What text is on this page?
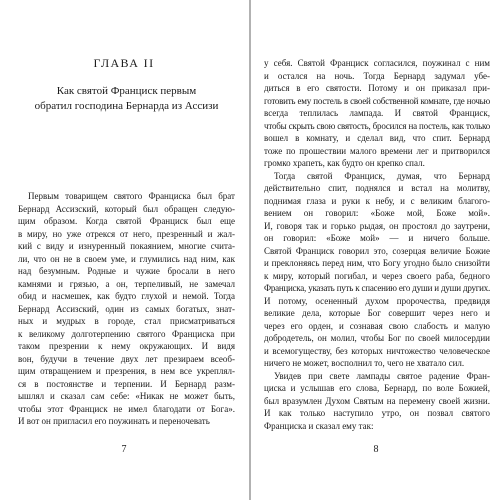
ГЛАВА II
Как святой Франциск первым
обратил господина Бернарда из Ассизи
7	8
Первым товарищем святого Франциска был брат
Бернард Ассизский, который был обращен следую-
щим образом. Когда святой Франциск был еще
в миру, но уже отрекся от него, презренный и жал-
кий с виду и изнуренный покаянием, многие счита-
ли, что он не в своем уме, и глумились над ним, как
над безумным. Родные и чужие бросали в него
камнями и грязью, а он, терпеливый, не замечал
обид и насмешек, как будто глухой и немой. Тогда
Бернард Ассизский, один из самых богатых, знат-
ных и мудрых в городе, стал присматриваться
к великому долготерпению святого Франциска при
таком презрении к нему окружающих. И видя
вон, будучи в течение двух лет презираем всеоб-
щим отвращением и презрения, в нем все укреплял-
ся в постоянстве и терпении. И Бернард разм-
ышлял и сказал сам себе: «Никак не может быть,
чтобы этот Франциск не имел благодати от Бога».
И вот он пригласил его поужинать и переночевать
у себя. Святой Франциск согласился, поужинал с ним
и остался на ночь. Тогда Бернард задумал убе-
диться в его святости. Потому и он приказал при-
готовить ему постель в своей собственной комнате, где ночью
всегда теплилась лампада. И святой Франциск,
чтобы скрыть свою святость, бросился на постель, как только
вошел в комнату, и сделал вид, что спит. Бернард
тоже по прошествии малого времени лег и притворился
громко храпеть, как будто он крепко спал.
Тогда святой Франциск, думая, что Бернард
действительно спит, поднялся и встал на молитву,
поднимая глаза и руки к небу, и с великим благого-
вением он говорил: «Боже мой, Боже мой».
И, говоря так и горько рыдая, он простоял до заутрени,
он говорил: «Боже мой» — и ничего больше.
Святой Франциск говорил это, созерцая величие Божие
и преклоняясь перед ним, что Богу угодно было снизойти
к миру, который погибал, и через своего раба, бедного
Франциска, указать путь к спасению его души и души других.
И потому, осененный духом пророчества, предвидя
великие дела, которые Бог совершит через него и
через его орден, и сознавая свою слабость и малую
добродетель, он молил, чтобы Бог по своей милосердии
и всемогуществу, без которых ничтожество человеческое
ничего не может, восполнил то, чего не хватало сил.
Увидев при свете лампады святое радение Фран-
циска и услышав его слова, Бернард, по воле Божией,
был вразумлен Духом Святым на перемену своей жизни.
И как только наступило утро, он позвал святого
Франциска и сказал ему так:
